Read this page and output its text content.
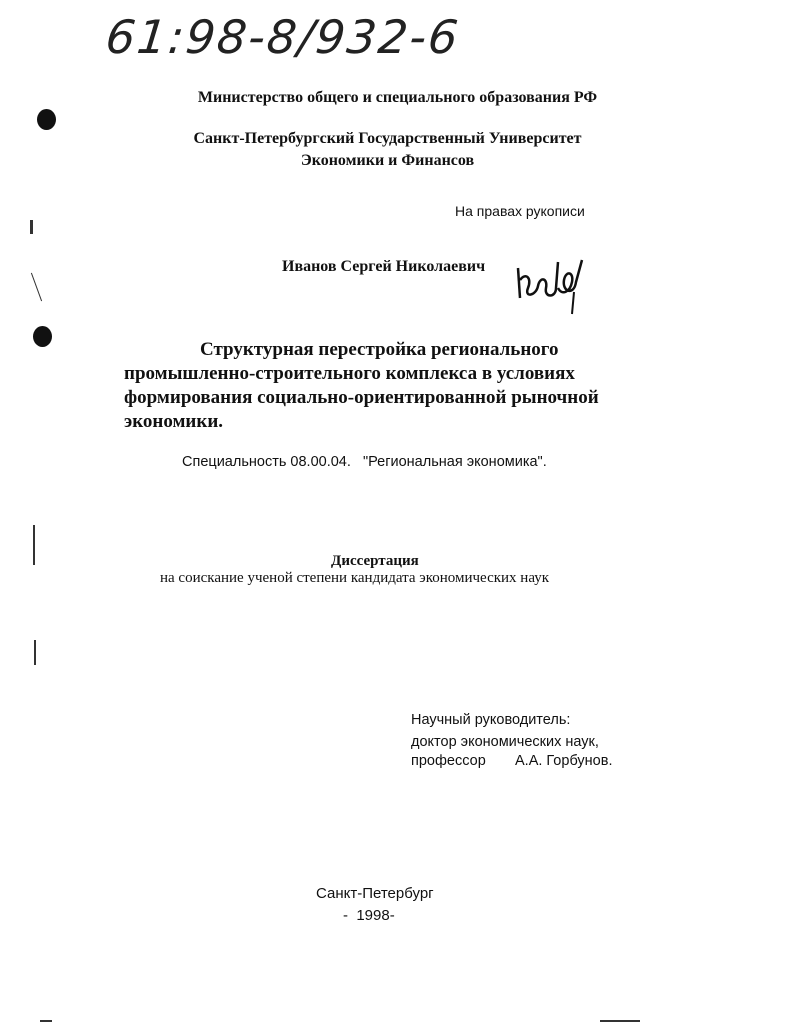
61:98-8/932-6
Министерство общего и специального образования РФ
Санкт-Петербургский Государственный Университет
Экономики и Финансов
На правах рукописи
Иванов Сергей Николаевич
Структурная перестройка регионального
промышленно-строительного комплекса в условиях
формирования социально-ориентированной рыночной
экономики.
Специальность 08.00.04.   "Региональная экономика".
Диссертация
на соискание ученой степени кандидата экономических наук
Научный руководитель:
доктор экономических наук,
профессор А.А. Горбунов.
Санкт-Петербург
-  1998-
